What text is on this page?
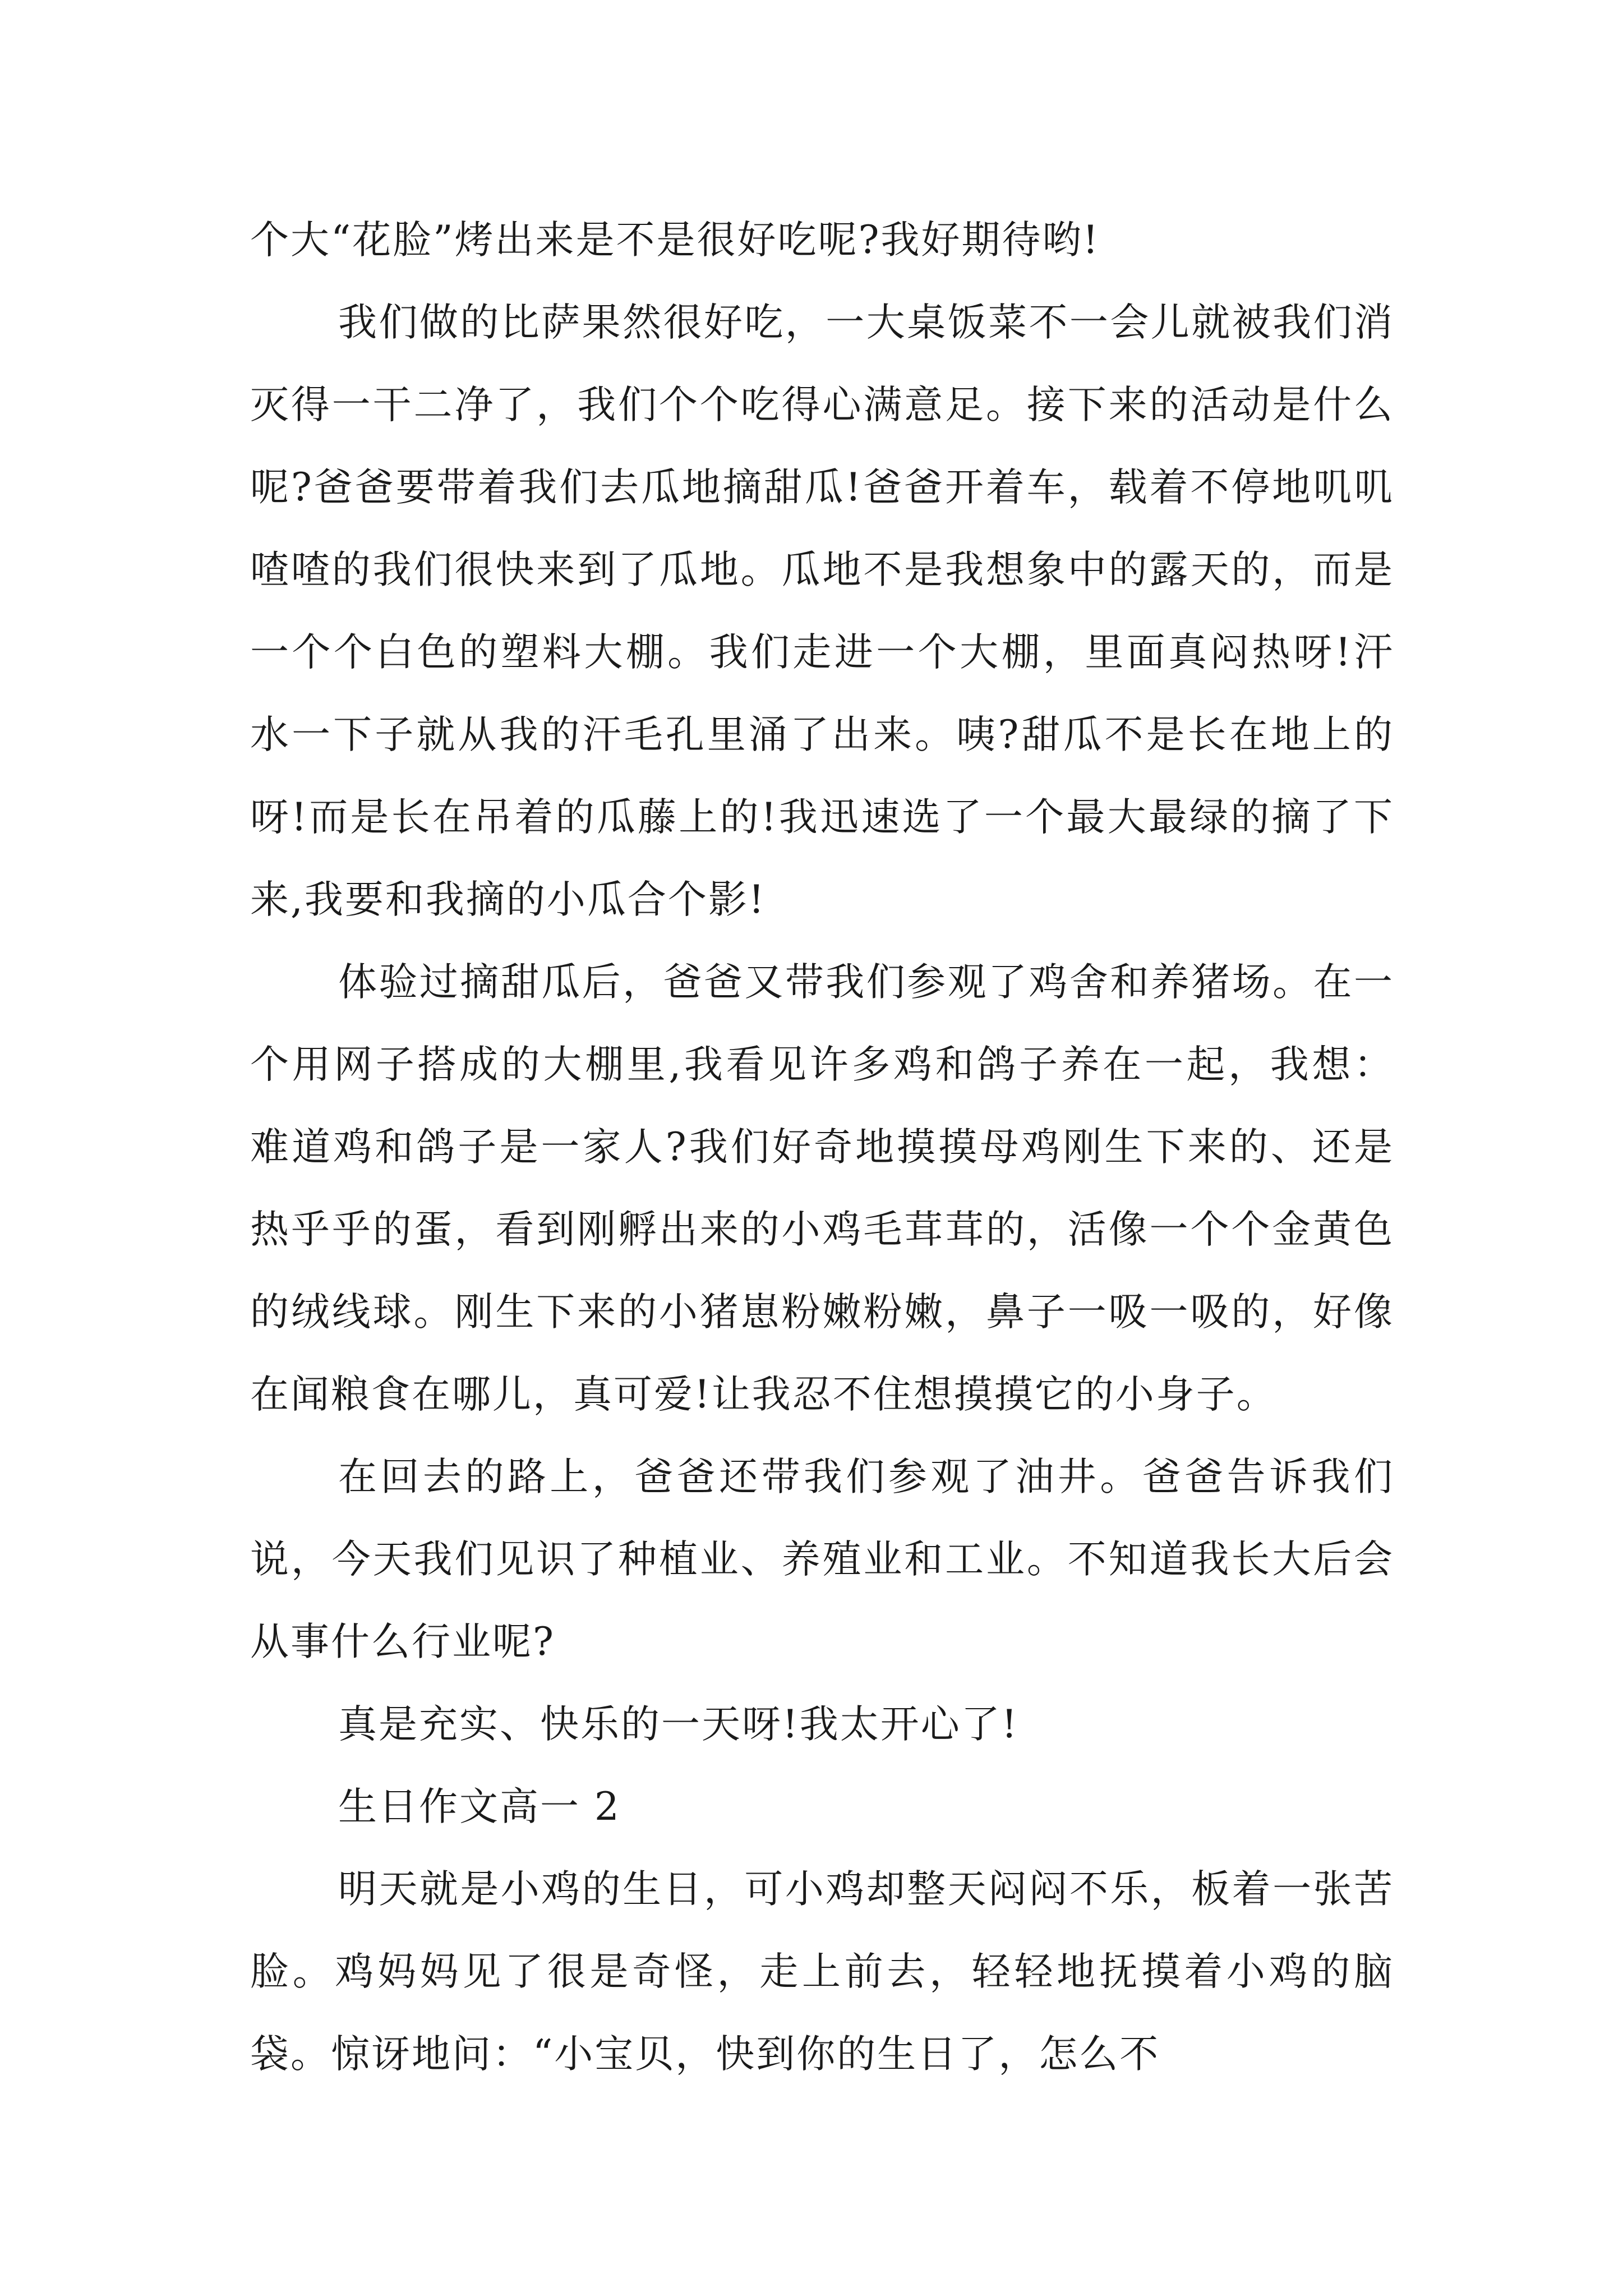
个大“花脸”烤出来是不是很好吃呢?我好期待哟!

我们做的比萨果然很好吃，一大桌饭菜不一会儿就被我们消灭得一干二净了，我们个个吃得心满意足。接下来的活动是什么呢?爸爸要带着我们去瓜地摘甜瓜!爸爸开着车，载着不停地叽叽喳喳的我们很快来到了瓜地。瓜地不是我想象中的露天的，而是一个个白色的塑料大棚。我们走进一个大棚，里面真闷热呀!汗水一下子就从我的汗毛孔里涌了出来。咦?甜瓜不是长在地上的呀!而是长在吊着的瓜藤上的!我迅速选了一个最大最绿的摘了下来,我要和我摘的小瓜合个影!

体验过摘甜瓜后，爸爸又带我们参观了鸡舍和养猪场。在一个用网子搭成的大棚里,我看见许多鸡和鸽子养在一起，我想：难道鸡和鸽子是一家人?我们好奇地摸摸母鸡刚生下来的、还是热乎乎的蛋，看到刚孵出来的小鸡毛茸茸的，活像一个个金黄色的绒线球。刚生下来的小猪崽粉嫩粉嫩，鼻子一吸一吸的，好像在闻粮食在哪儿，真可爱!让我忍不住想摸摸它的小身子。

在回去的路上，爸爸还带我们参观了油井。爸爸告诉我们说，今天我们见识了种植业、养殖业和工业。不知道我长大后会从事什么行业呢?

真是充实、快乐的一天呀!我太开心了!

生日作文高一 2

明天就是小鸡的生日，可小鸡却整天闷闷不乐，板着一张苦脸。鸡妈妈见了很是奇怪，走上前去，轻轻地抚摸着小鸡的脑袋。惊讶地问：“小宝贝，快到你的生日了，怎么不
